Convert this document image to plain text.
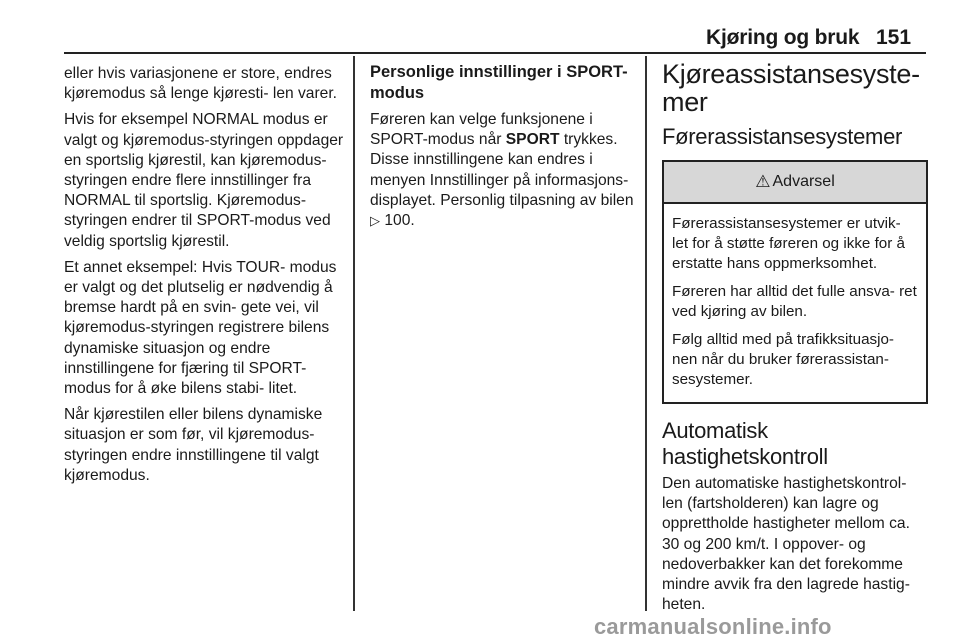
Kjøring og bruk 151

eller hvis variasjonene er store, endres kjøremodus så lenge kjøresti- len varer.

Hvis for eksempel NORMAL modus er valgt og kjøremodus-styringen oppdager en sportslig kjørestil, kan kjøremodus-styringen endre flere innstillinger fra NORMAL til sportslig. Kjøremodus-styringen endrer til SPORT-modus ved veldig sportslig kjørestil.

Et annet eksempel: Hvis TOUR- modus er valgt og det plutselig er nødvendig å bremse hardt på en svin- gete vei, vil kjøremodus-styringen registrere bilens dynamiske situasjon og endre innstillingene for fjæring til SPORT-modus for å øke bilens stabi- litet.

Når kjørestilen eller bilens dynamiske situasjon er som før, vil kjøremodus- styringen endre innstillingene til valgt kjøremodus.

Personlige innstillinger i SPORT- modus

Føreren kan velge funksjonene i SPORT-modus når SPORT trykkes. Disse innstillingene kan endres i menyen Innstillinger på informasjons- displayet. Personlig tilpasning av bilen ▷ 100.

Kjøreassistansesyste- mer
Førerassistansesystemer
⚠ Advarsel

Førerassistansesystemer er utvik- let for å støtte føreren og ikke for å erstatte hans oppmerksomhet.

Føreren har alltid det fulle ansva- ret ved kjøring av bilen.

Følg alltid med på trafikksituasjo- nen når du bruker førerassistan- sesystemer.

Automatisk hastighetskontroll

Den automatiske hastighetskontrol- len (fartsholderen) kan lagre og opprettholde hastigheter mellom ca. 30 og 200 km/t. I oppover- og nedoverbakker kan det forekomme mindre avvik fra den lagrede hastig- heten.

carmanualsonline.info
